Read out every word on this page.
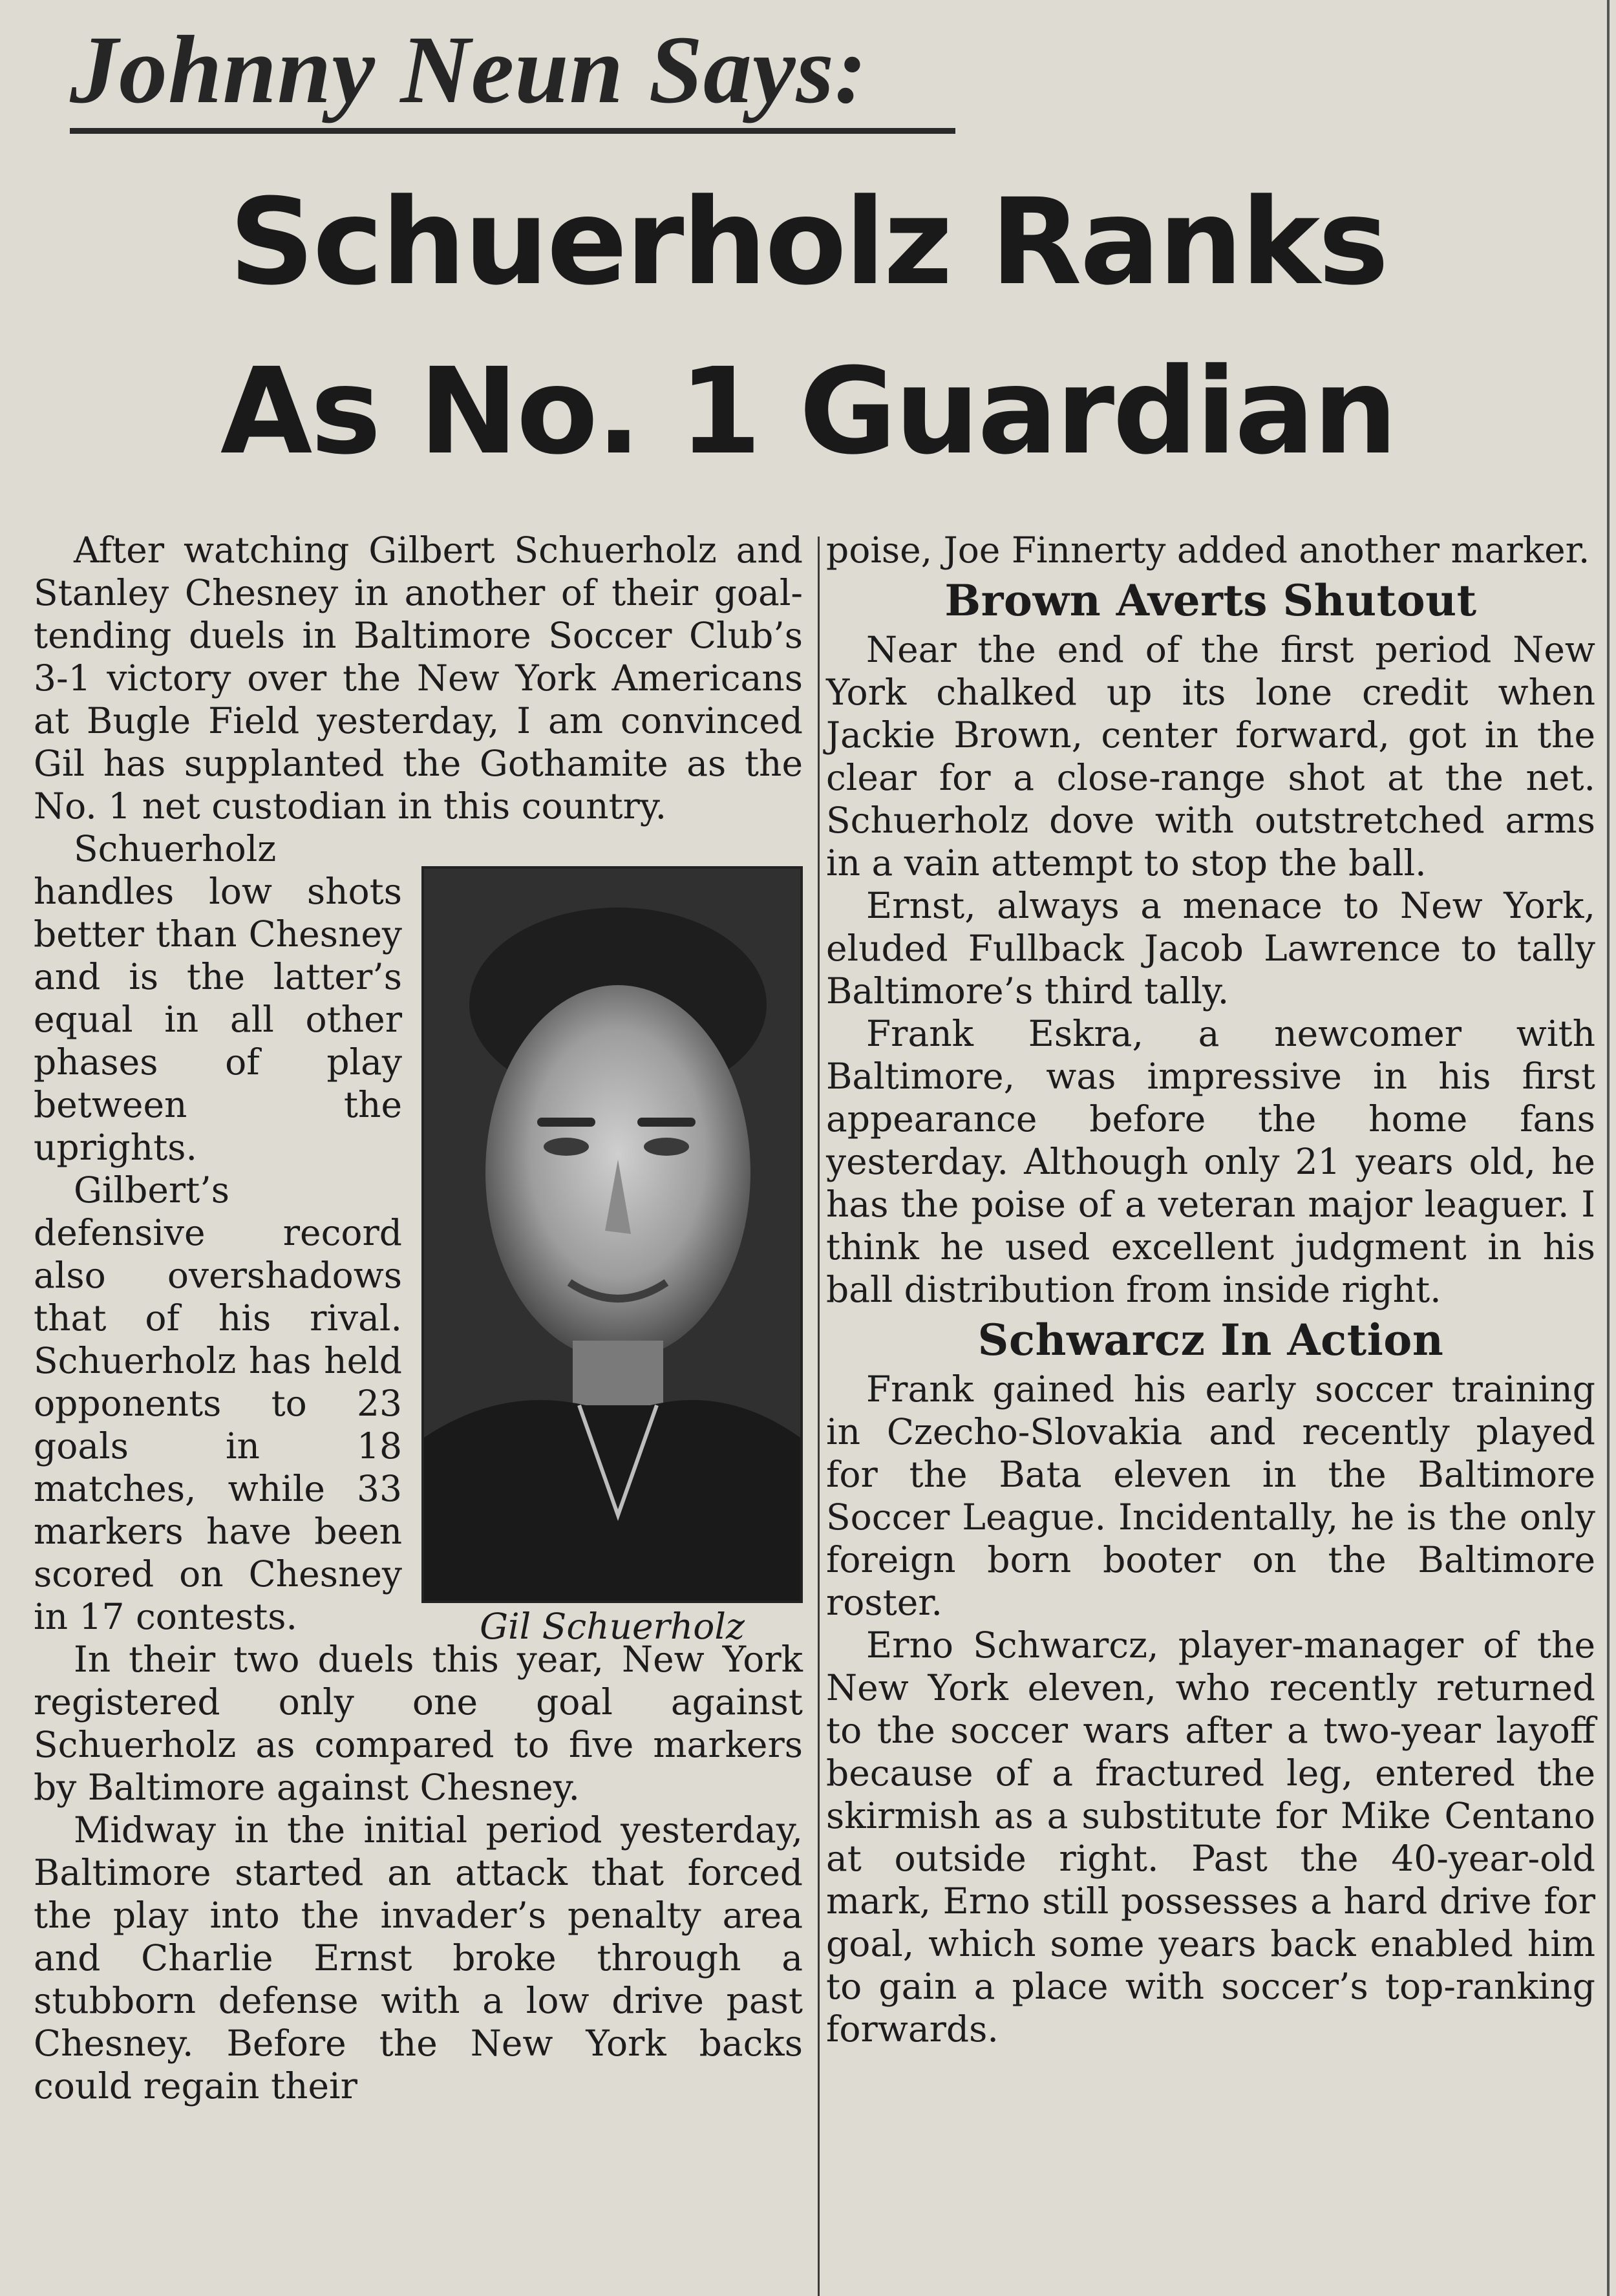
Johnny Neun Says:
Schuerholz Ranks
As No. 1 Guardian

After watching Gilbert Schuerholz and Stanley Chesney in another of their goal-tending duels in Baltimore Soccer Club’s 3-1 victory over the New York Americans at Bugle Field yesterday, I am convinced Gil has supplanted the Gothamite as the No. 1 net custodian in this country.

Gil Schuerholz

Schuerholz handles low shots better than Chesney and is the latter’s equal in all other phases of play between the uprights.

Gilbert’s defensive record also overshadows that of his rival. Schuerholz has held opponents to 23 goals in 18 matches, while 33 markers have been scored on Chesney in 17 contests.

In their two duels this year, New York registered only one goal against Schuerholz as compared to five markers by Baltimore against Chesney.

Midway in the initial period yesterday, Baltimore started an attack that forced the play into the invader’s penalty area and Charlie Ernst broke through a stubborn defense with a low drive past Chesney. Before the New York backs could regain their

poise, Joe Finnerty added another marker.

Brown Averts Shutout

Near the end of the first period New York chalked up its lone credit when Jackie Brown, center forward, got in the clear for a close-range shot at the net. Schuerholz dove with outstretched arms in a vain attempt to stop the ball.

Ernst, always a menace to New York, eluded Fullback Jacob Lawrence to tally Baltimore’s third tally.

Frank Eskra, a newcomer with Baltimore, was impressive in his first appearance before the home fans yesterday. Although only 21 years old, he has the poise of a veteran major leaguer. I think he used excellent judgment in his ball distribution from inside right.

Schwarcz In Action

Frank gained his early soccer training in Czecho-Slovakia and recently played for the Bata eleven in the Baltimore Soccer League. Incidentally, he is the only foreign born booter on the Baltimore roster.

Erno Schwarcz, player-manager of the New York eleven, who recently returned to the soccer wars after a two-year layoff because of a fractured leg, entered the skirmish as a substitute for Mike Centano at outside right. Past the 40-year-old mark, Erno still possesses a hard drive for goal, which some years back enabled him to gain a place with soccer’s top-ranking forwards.
